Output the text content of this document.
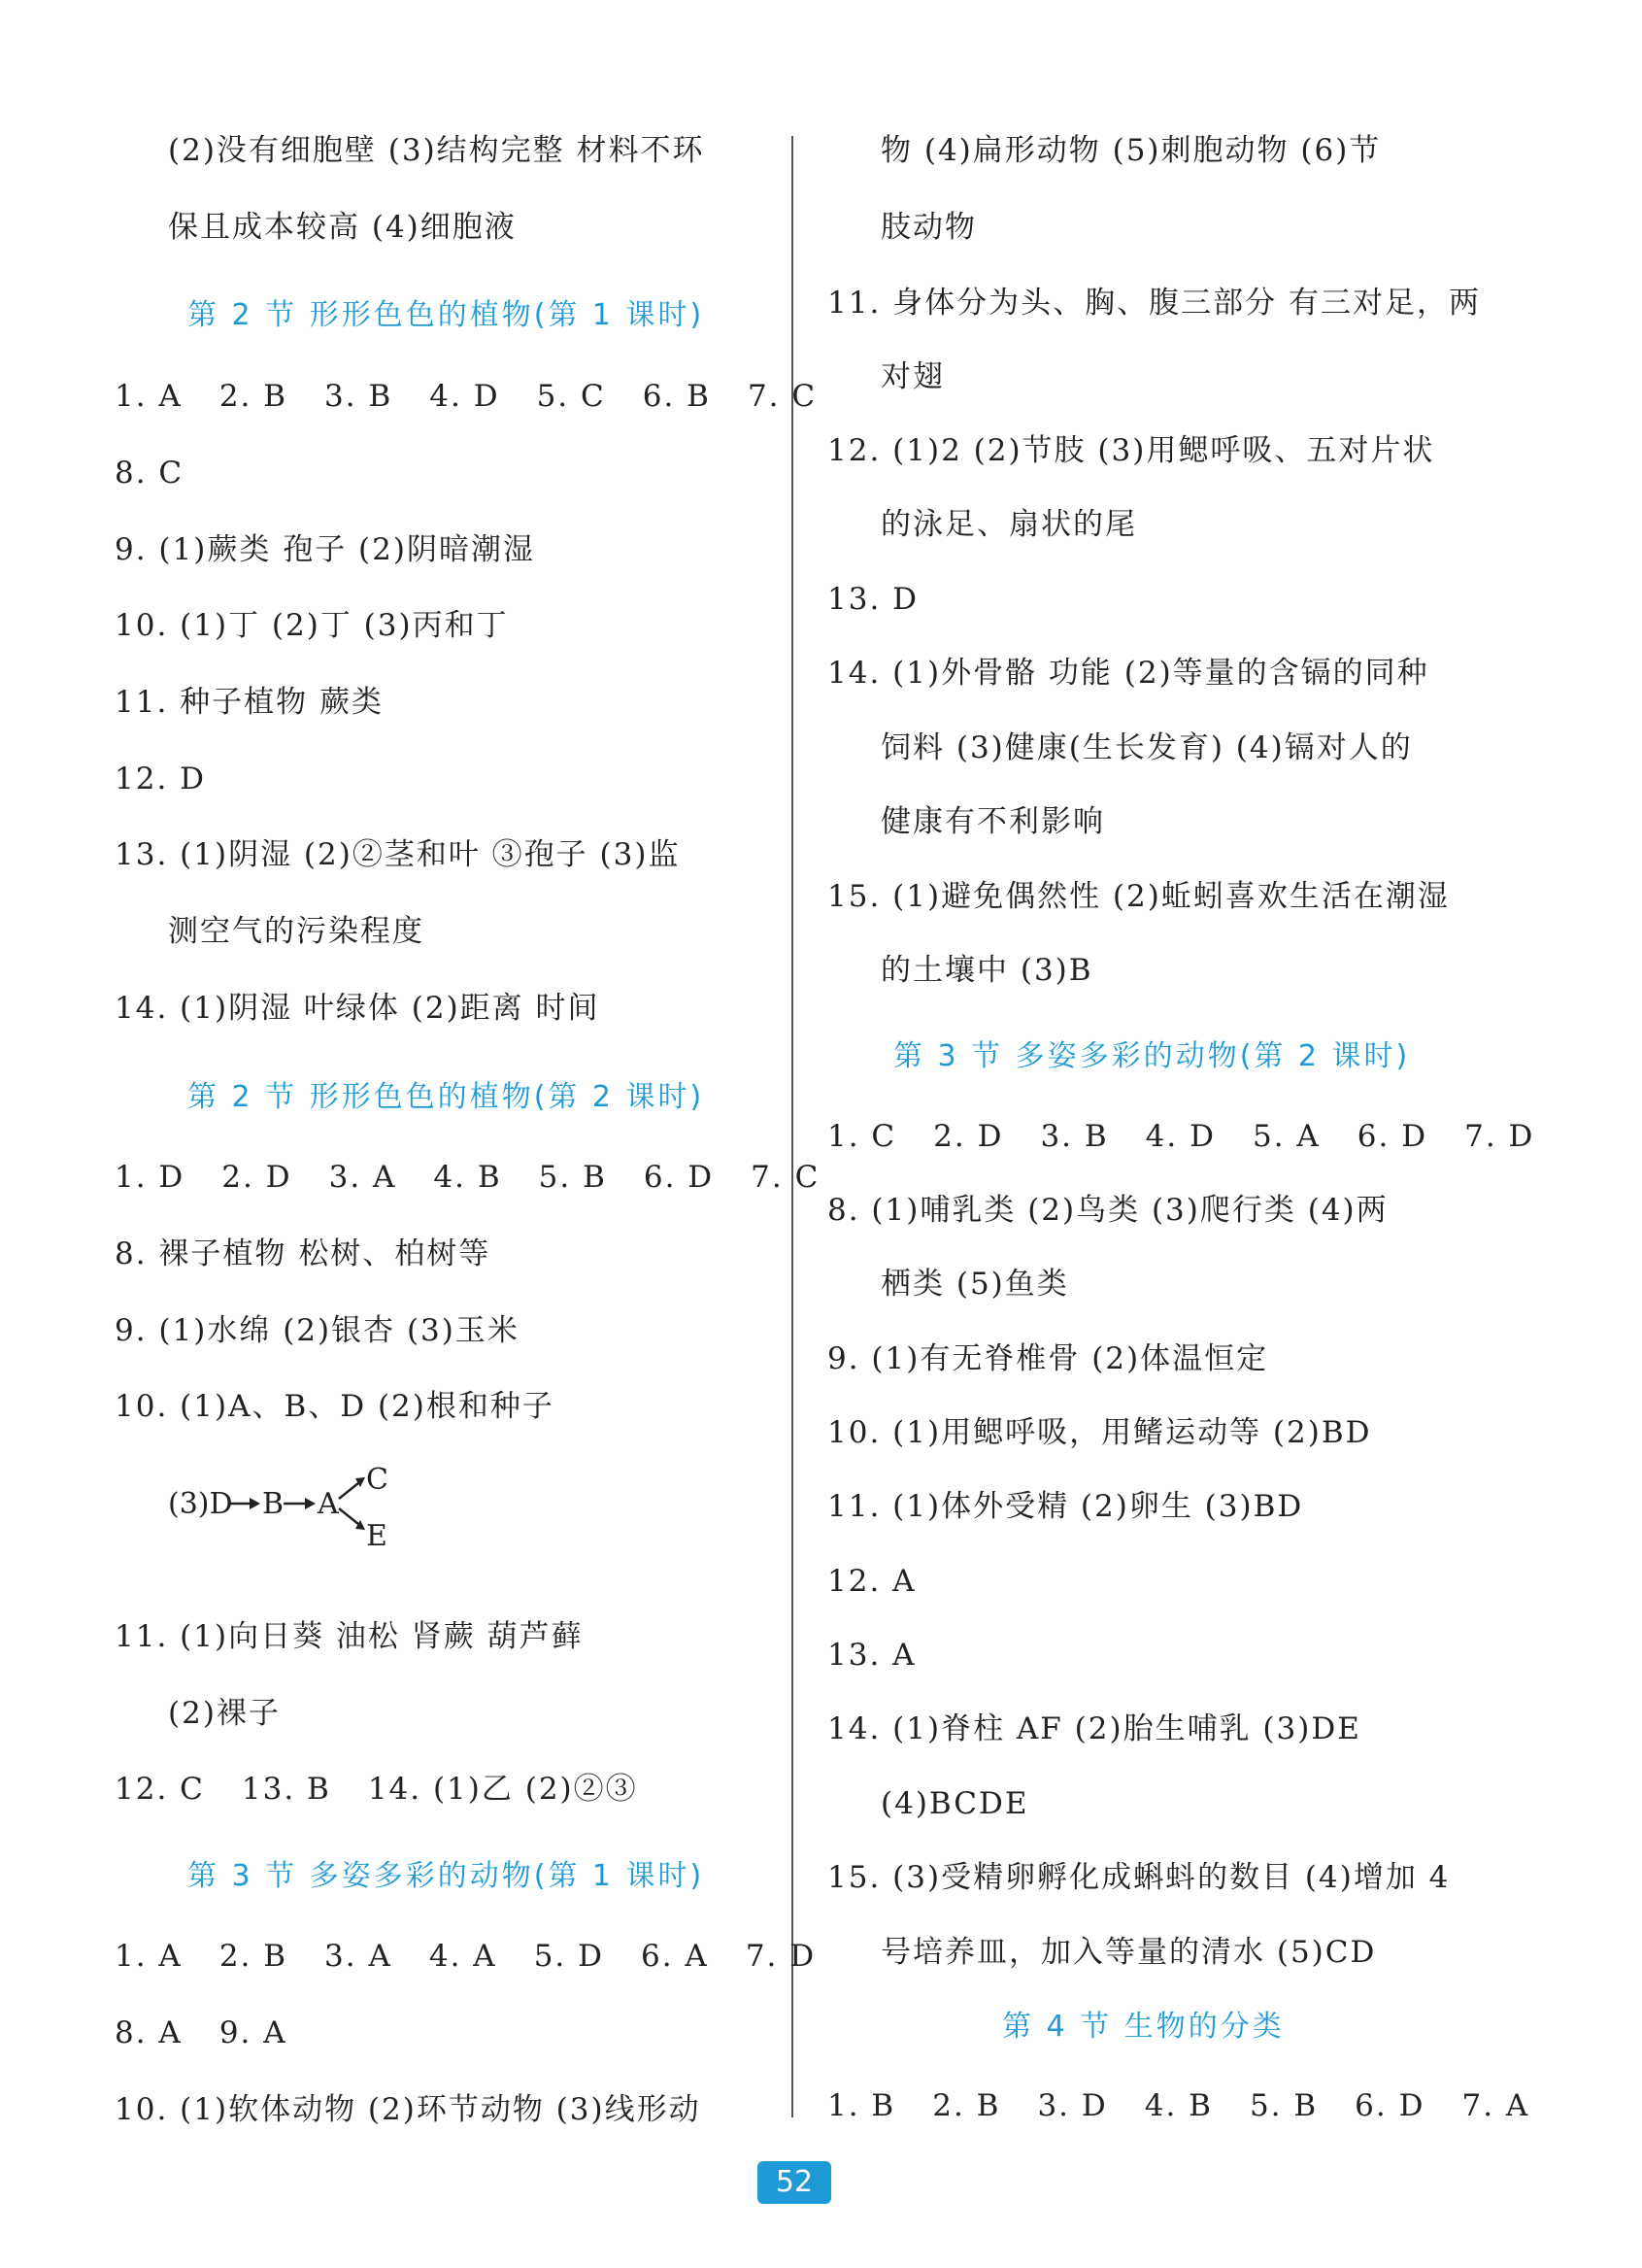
(2)没有细胞壁 (3)结构完整 材料不环
保且成本较高 (4)细胞液
第 2 节 形形色色的植物(第 1 课时)
1. A 2. B 3. B 4. D 5. C 6. B 7. C
8. C
9. (1)蕨类 孢子 (2)阴暗潮湿
10. (1)丁 (2)丁 (3)丙和丁
11. 种子植物 蕨类
12. D
13. (1)阴湿 (2)②茎和叶 ③孢子 (3)监
测空气的污染程度
14. (1)阴湿 叶绿体 (2)距离 时间
第 2 节 形形色色的植物(第 2 课时)
1. D 2. D 3. A 4. B 5. B 6. D 7. C
8. 裸子植物 松树、柏树等
9. (1)水绵 (2)银杏 (3)玉米
10. (1)A、B、D (2)根和种子
(3)D B A
C
E
11. (1)向日葵 油松 肾蕨 葫芦藓
(2)裸子
12. C 13. B 14. (1)乙 (2)②③
第 3 节 多姿多彩的动物(第 1 课时)
1. A 2. B 3. A 4. A 5. D 6. A 7. D
8. A 9. A
10. (1)软体动物 (2)环节动物 (3)线形动
物 (4)扁形动物 (5)刺胞动物 (6)节
肢动物
11. 身体分为头、胸、腹三部分 有三对足，两
对翅
12. (1)2 (2)节肢 (3)用鳃呼吸、五对片状
的泳足、扇状的尾
13. D
14. (1)外骨骼 功能 (2)等量的含镉的同种
饲料 (3)健康(生长发育) (4)镉对人的
健康有不利影响
15. (1)避免偶然性 (2)蚯蚓喜欢生活在潮湿
的土壤中 (3)B
第 3 节 多姿多彩的动物(第 2 课时)
1. C 2. D 3. B 4. D 5. A 6. D 7. D
8. (1)哺乳类 (2)鸟类 (3)爬行类 (4)两
栖类 (5)鱼类
9. (1)有无脊椎骨 (2)体温恒定
10. (1)用鳃呼吸，用鳍运动等 (2)BD
11. (1)体外受精 (2)卵生 (3)BD
12. A
13. A
14. (1)脊柱 AF (2)胎生哺乳 (3)DE
(4)BCDE
15. (3)受精卵孵化成蝌蚪的数目 (4)增加 4
号培养皿，加入等量的清水 (5)CD
第 4 节 生物的分类
1. B 2. B 3. D 4. B 5. B 6. D 7. A
52
